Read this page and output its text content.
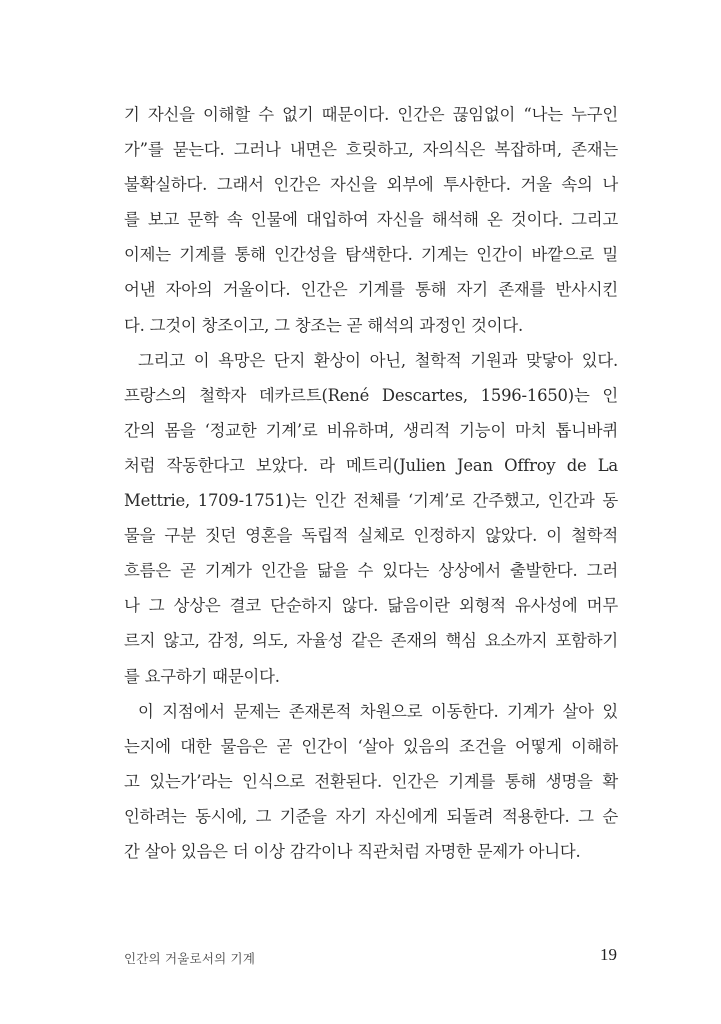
기 자신을 이해할 수 없기 때문이다. 인간은 끊임없이 “나는 누구인
가”를 묻는다. 그러나 내면은 흐릿하고, 자의식은 복잡하며, 존재는
불확실하다. 그래서 인간은 자신을 외부에 투사한다. 거울 속의 나
를 보고 문학 속 인물에 대입하여 자신을 해석해 온 것이다. 그리고
이제는 기계를 통해 인간성을 탐색한다. 기계는 인간이 바깥으로 밀
어낸 자아의 거울이다. 인간은 기계를 통해 자기 존재를 반사시킨
다. 그것이 창조이고, 그 창조는 곧 해석의 과정인 것이다.
그리고 이 욕망은 단지 환상이 아닌, 철학적 기원과 맞닿아 있다.
프랑스의 철학자 데카르트(René Descartes, 1596-1650)는 인
간의 몸을 ‘정교한 기계’로 비유하며, 생리적 기능이 마치 톱니바퀴
처럼 작동한다고 보았다. 라 메트리(Julien Jean Offroy de La
Mettrie, 1709-1751)는 인간 전체를 ‘기계’로 간주했고, 인간과 동
물을 구분 짓던 영혼을 독립적 실체로 인정하지 않았다. 이 철학적
흐름은 곧 기계가 인간을 닮을 수 있다는 상상에서 출발한다. 그러
나 그 상상은 결코 단순하지 않다. 닮음이란 외형적 유사성에 머무
르지 않고, 감정, 의도, 자율성 같은 존재의 핵심 요소까지 포함하기
를 요구하기 때문이다.
이 지점에서 문제는 존재론적 차원으로 이동한다. 기계가 살아 있
는지에 대한 물음은 곧 인간이 ‘살아 있음의 조건을 어떻게 이해하
고 있는가’라는 인식으로 전환된다. 인간은 기계를 통해 생명을 확
인하려는 동시에, 그 기준을 자기 자신에게 되돌려 적용한다. 그 순
간 살아 있음은 더 이상 감각이나 직관처럼 자명한 문제가 아니다.
인간의 거울로서의 기계	19
